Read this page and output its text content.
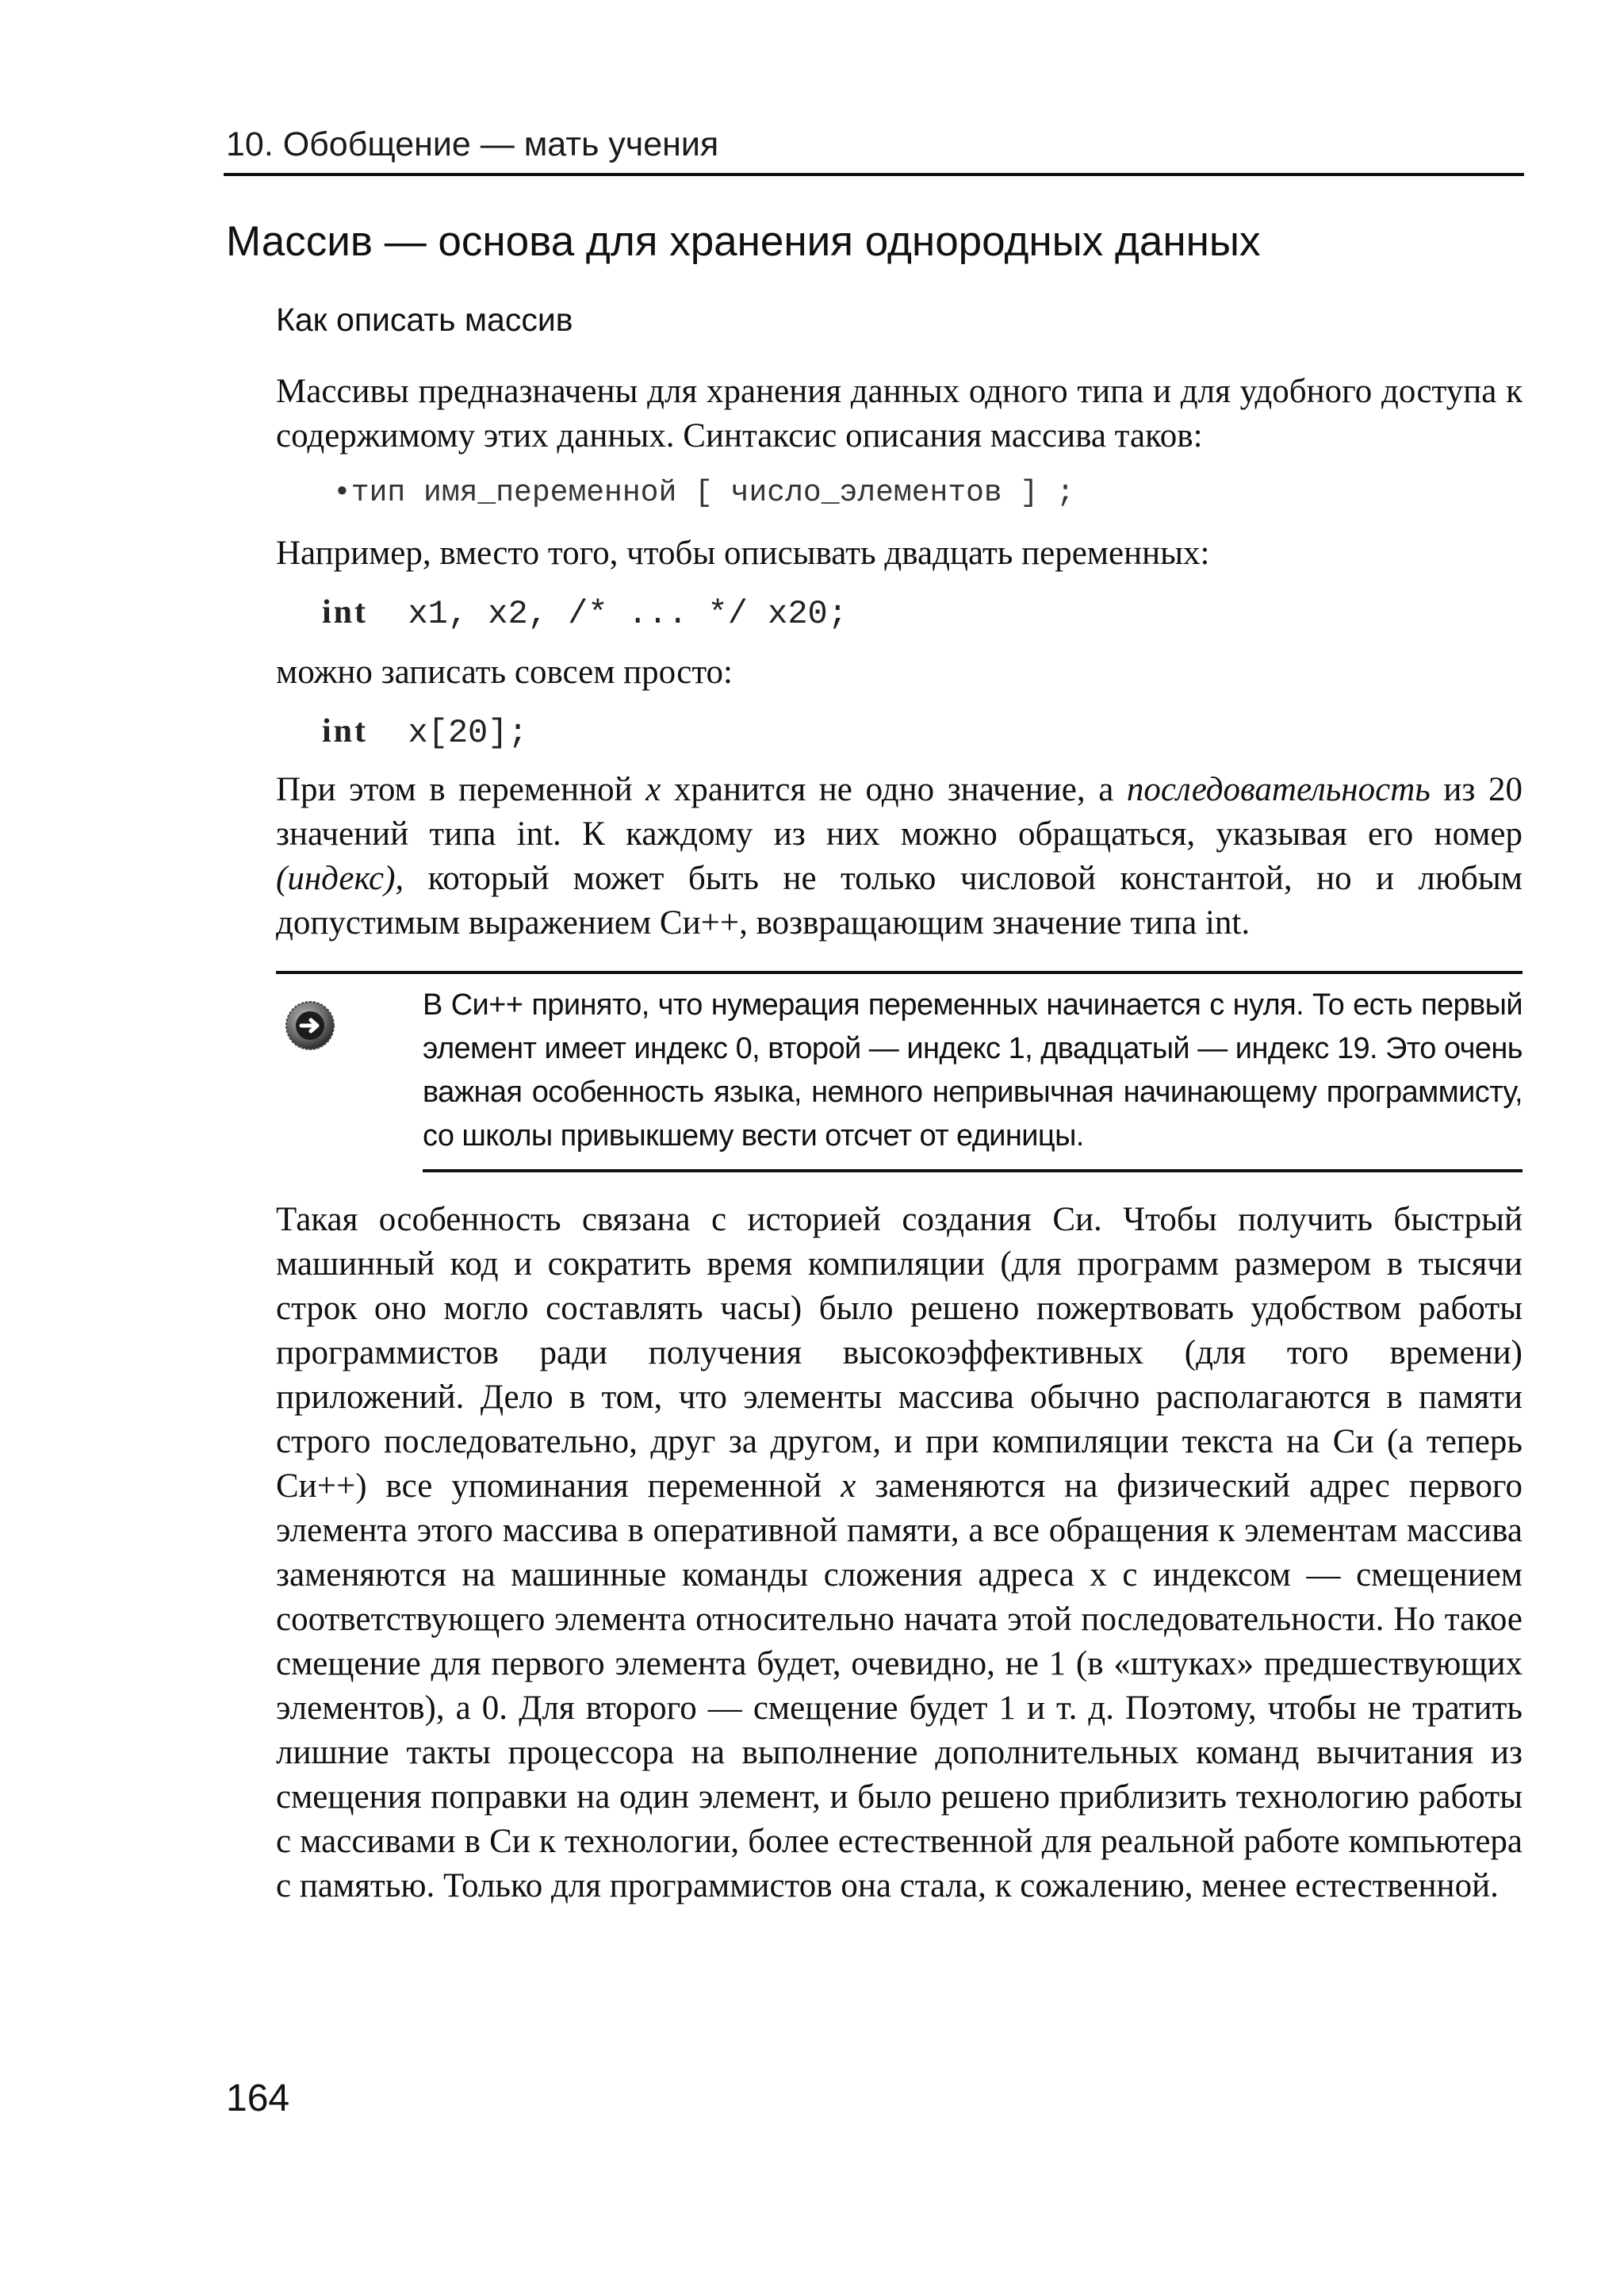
10. Обобщение — мать учения
Массив — основа для хранения однородных данных
Как описать массив

Массивы предназначены для хранения данных одного типа и для удобного доступа к содержимому этих данных. Синтаксис описания массива таков:

•тип имя_переменной [ число_элементов ] ;

Например, вместо того, чтобы описывать двадцать переменных:

int x1, x2, /* ... */ x20;

можно записать совсем просто:

int x[20];

При этом в переменной x хранится не одно значение, а последовательность из 20 значений типа int. К каждому из них можно обращаться, указывая его номер (индекс), который может быть не только числовой константой, но и любым допустимым выражением Си++, возвращающим значение типа int.

В Си++ принято, что нумерация переменных начинается с нуля. То есть первый элемент имеет индекс 0, второй — индекс 1, двадцатый — индекс 19. Это очень важная особенность языка, немного непривычная начинающему программисту, со школы привыкшему вести отсчет от единицы.

Такая особенность связана с историей создания Си. Чтобы получить быстрый машинный код и сократить время компиляции (для программ размером в тысячи строк оно могло составлять часы) было решено пожертвовать удобством работы программистов ради получения высокоэффективных (для того времени) приложений. Дело в том, что элементы массива обычно располагаются в памяти строго последовательно, друг за другом, и при компиляции текста на Си (а теперь Си++) все упоминания переменной x заменяются на физический адрес первого элемента этого массива в оперативной памяти, а все обращения к элементам массива заменяются на машинные команды сложения адреса x с индексом — смещением соответствующего элемента относительно начата этой последовательности. Но такое смещение для первого элемента будет, очевидно, не 1 (в «штуках» предшествующих элементов), а 0. Для второго — смещение будет 1 и т. д. Поэтому, чтобы не тратить лишние такты процессора на выполнение дополнительных команд вычитания из смещения поправки на один элемент, и было решено приблизить технологию работы с массивами в Си к технологии, более естественной для реальной работе компьютера с памятью. Только для программистов она стала, к сожалению, менее естественной.

164
